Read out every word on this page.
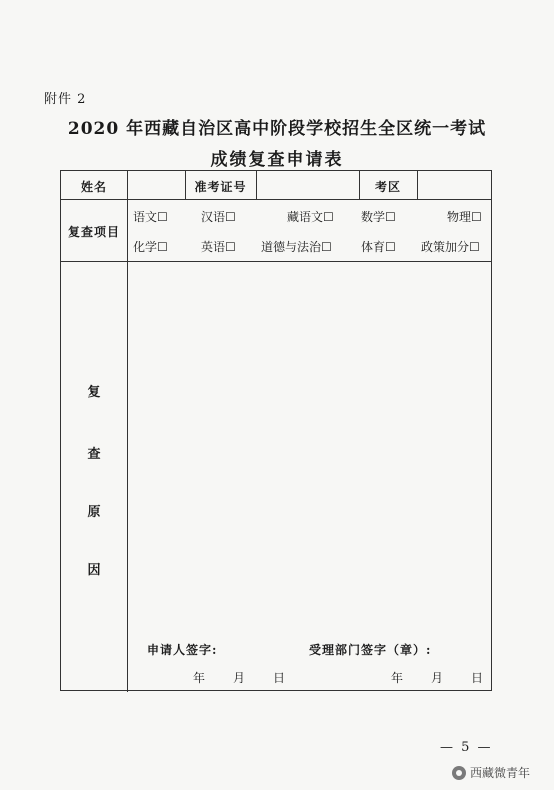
附件 2
2020 年西藏自治区高中阶段学校招生全区统一考试
成绩复查申请表
姓名	准考证号	考区
复查项目
语文☐	汉语☐	藏语文☐ 数学☐	物理☐
化学☐	英语☐ 道德与法治☐ 体育☐ 政策加分☐
复
查
原
因
申请人签字:	受理部门签字（章）:
年 月 日	年 月 日
— 5 —
西藏微青年
